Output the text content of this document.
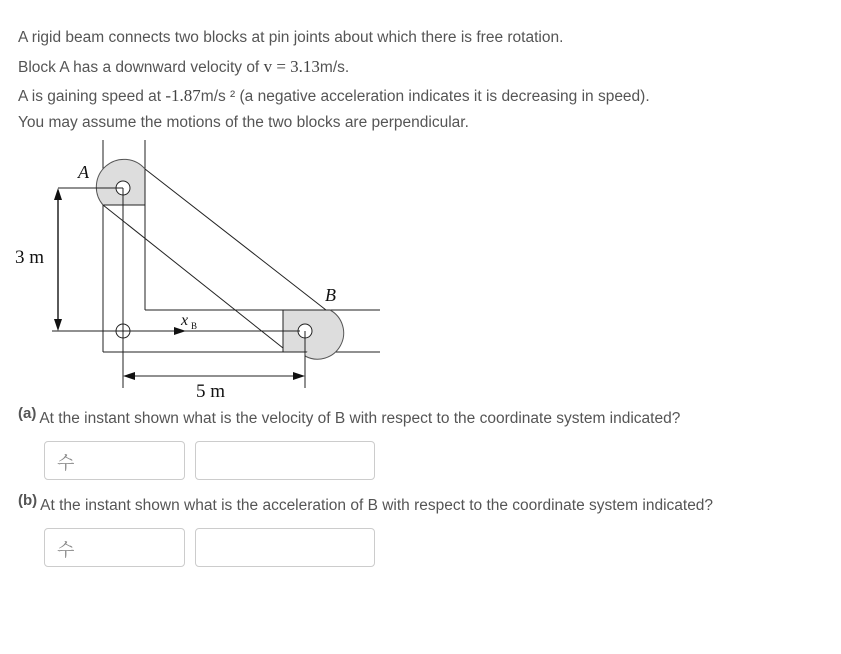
A rigid beam connects two blocks at pin joints about which there is free rotation.
Block A has a downward velocity of v = 3.13m/s.
A is gaining speed at -1.87m/s ² (a negative acceleration indicates it is decreasing in speed).
You may assume the motions of the two blocks are perpendicular.
A
B
x B
3 m
5 m
(a) At the instant shown what is the velocity of B with respect to the coordinate system indicated?
수
(b) At the instant shown what is the acceleration of B with respect to the coordinate system indicated?
수
